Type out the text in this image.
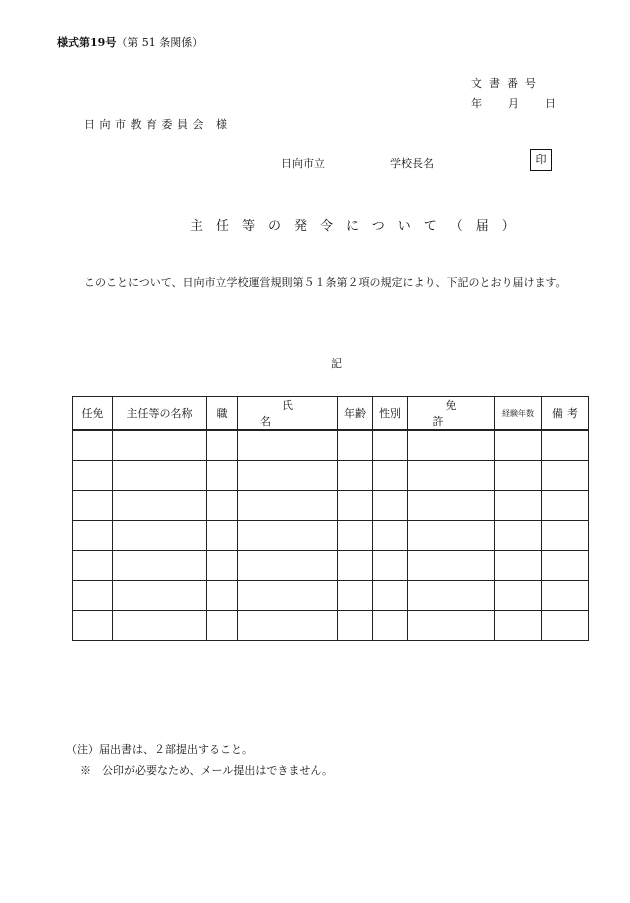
様式第19号（第 51 条関係）
文書番号
年 月 日
日向市教育委員会 様
日向市立	学校長名	印
主任等の発令について（届）
このことについて、日向市立学校運営規則第５１条第２項の規定により、下記のとおり届けます。
記
任免	主任等の名称	職	氏名	年齢	性別	免許	経験年数	備考

（注）届出書は、２部提出すること。
※　公印が必要なため、メール提出はできません。
